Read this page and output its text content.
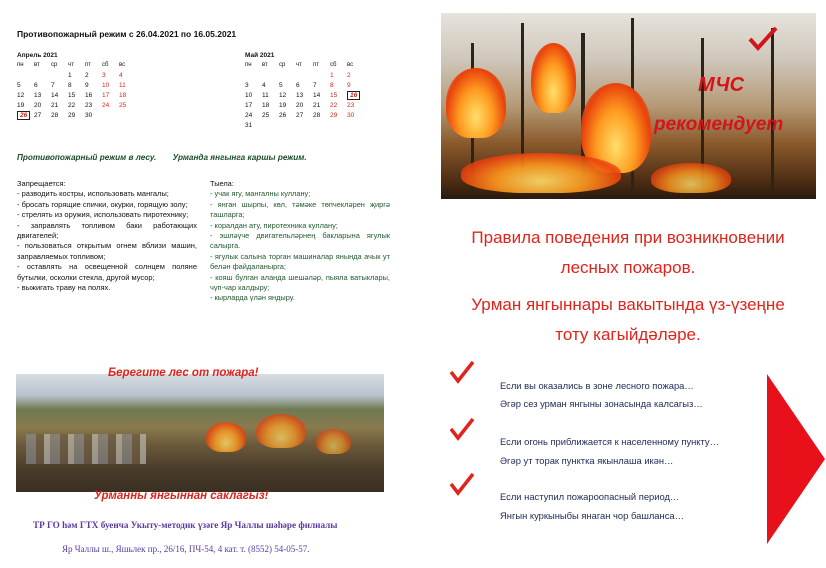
Противопожарный режим с 26.04.2021 по 16.05.2021
Апрель 2021
пн	вт	ср	чт	пт	сб	вс
			1	2	3	4
5	6	7	8	9	10	11
12	13	14	15	16	17	18
19	20	21	22	23	24	25
26	27	28	29	30		
Май 2021
пн	вт	ср	чт	пт	сб	вс
					1	2
3	4	5	6	7	8	9
10	11	12	13	14	15	16
17	18	19	20	21	22	23
24	25	26	27	28	29	30
31						
Противопожарный режим в лесу. Урманда янгынга каршы режим.

Запрещается:

- разводить костры, использовать мангалы;

- бросать горящие спички, окурки, горящую золу;

- стрелять из оружия, использовать пиротехнику;

- заправлять топливом баки работающих двигателей;

- пользоваться открытым огнем вблизи машин, заправляемых топливом;

- оставлять на освещенной солнцем поляне бутылки, осколки стекла, другой мусор;

- выжигать траву на полях.

Тыела:

- учак ягу, мангалны куллану;

- янган шырпы, көл, тәмәке төпчекләрен җиргә ташларга;

- коралдан ату, пиротехника куллану;

- эшләүче двигательләрнең бакларына ягулык салырга.

- ягулык салына торган машиналар янында ачык ут белән файдаланырга;

- кояш булган аланда шешәләр, пыяла ватыклары, чүп-чар калдыру;

- кырларда үлән яндыру.

Берегите лес от пожара!
Урманны янгыннан саклагыз!
МЧС
рекомендует
Правила поведения при возникновении
лесных пожаров.
Урман янгыннары вакытында үз-үзеңне
тоту кагыйдәләре.
Если вы оказались в зоне лесного пожара…
Әгәр сез урман янгыны зонасында калсагыз…
Если огонь приближается к населенному пункту…
Әгәр ут торак пунктка якынлаша икән…
Если наступил пожароопасный период…
Янгын куркыныбы янаган чор башланса…
ТР ГО һәм ГТХ буенча Укыту-методик үзәге Яр Чаллы шәһәре филиалы
Яр Чаллы ш., Яшьлек пр., 26/16, ПЧ-54, 4 кат. т. (8552) 54-05-57.
